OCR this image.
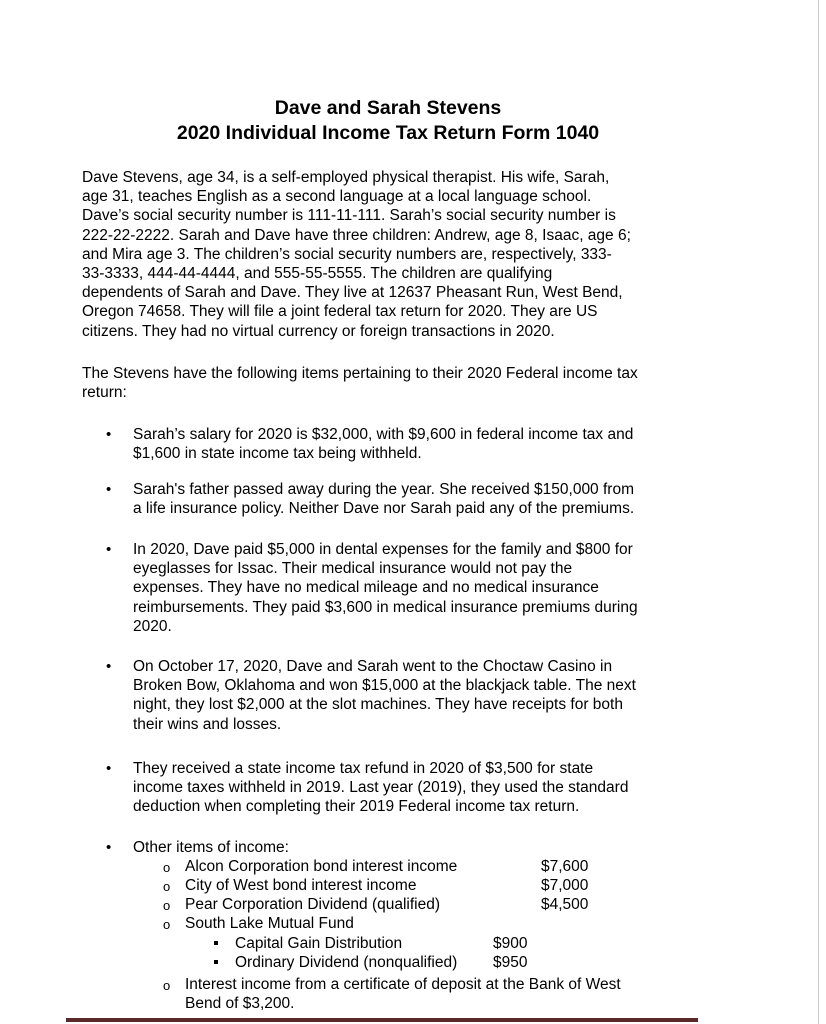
Dave and Sarah Stevens
2020 Individual Income Tax Return Form 1040
Dave Stevens, age 34, is a self-employed physical therapist. His wife, Sarah,
age 31, teaches English as a second language at a local language school.
Dave’s social security number is 111-11-111. Sarah’s social security number is
222-22-2222. Sarah and Dave have three children: Andrew, age 8, Isaac, age 6;
and Mira age 3. The children’s social security numbers are, respectively, 333-
33-3333, 444-44-4444, and 555-55-5555. The children are qualifying
dependents of Sarah and Dave. They live at 12637 Pheasant Run, West Bend,
Oregon 74658. They will file a joint federal tax return for 2020. They are US
citizens. They had no virtual currency or foreign transactions in 2020.
The Stevens have the following items pertaining to their 2020 Federal income tax
return:
•	Sarah’s salary for 2020 is $32,000, with $9,600 in federal income tax and
$1,600 in state income tax being withheld.
•	Sarah's father passed away during the year. She received $150,000 from
a life insurance policy. Neither Dave nor Sarah paid any of the premiums.
•	In 2020, Dave paid $5,000 in dental expenses for the family and $800 for
eyeglasses for Issac. Their medical insurance would not pay the
expenses. They have no medical mileage and no medical insurance
reimbursements. They paid $3,600 in medical insurance premiums during
2020.
•	On October 17, 2020, Dave and Sarah went to the Choctaw Casino in
Broken Bow, Oklahoma and won $15,000 at the blackjack table. The next
night, they lost $2,000 at the slot machines. They have receipts for both
their wins and losses.
•	They received a state income tax refund in 2020 of $3,500 for state
income taxes withheld in 2019. Last year (2019), they used the standard
deduction when completing their 2019 Federal income tax return.
•	Other items of income:
o Alcon Corporation bond interest income	$7,600
o City of West bond interest income	$7,000
o Pear Corporation Dividend (qualified)	$4,500
o South Lake Mutual Fund
Capital Gain Distribution	$900
Ordinary Dividend (nonqualified) $950
o Interest income from a certificate of deposit at the Bank of West
Bend of $3,200.
